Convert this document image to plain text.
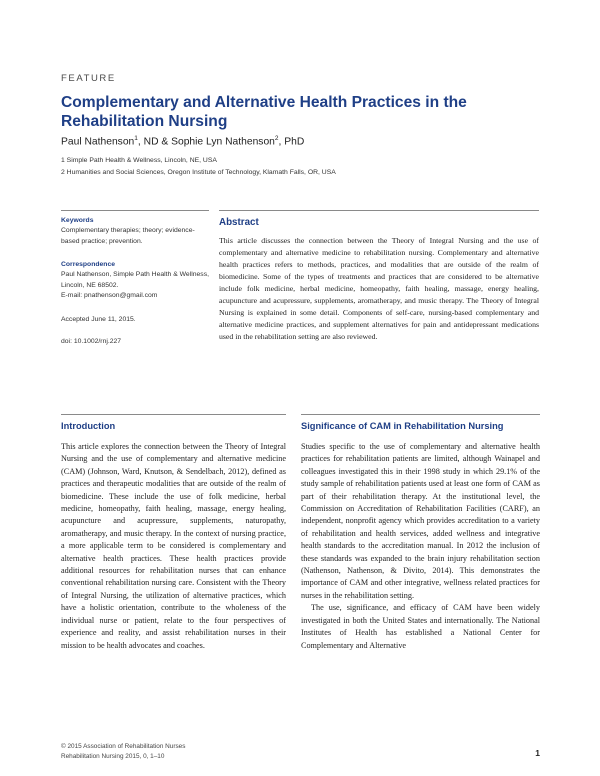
FEATURE
Complementary and Alternative Health Practices in the Rehabilitation Nursing
Paul Nathenson$^1$, ND & Sophie Lyn Nathenson$^2$, PhD
1 Simple Path Health & Wellness, Lincoln, NE, USA
2 Humanities and Social Sciences, Oregon Institute of Technology, Klamath Falls, OR, USA
Keywords
Complementary therapies; theory; evidence-based practice; prevention.
Correspondence
Paul Nathenson, Simple Path Health & Wellness, Lincoln, NE 68502.
E-mail: pnathenson@gmail.com
Accepted June 11, 2015.
doi: 10.1002/rnj.227
Abstract
This article discusses the connection between the Theory of Integral Nursing and the use of complementary and alternative medicine to rehabilitation nursing. Complementary and alternative health practices refers to methods, practices, and modalities that are outside of the realm of biomedicine. Some of the types of treatments and practices that are considered to be alternative include folk medicine, herbal medicine, homeopathy, faith healing, massage, energy healing, acupuncture and acupressure, supplements, aromatherapy, and music therapy. The Theory of Integral Nursing is explained in some detail. Components of self-care, nursing-based complementary and alternative medicine practices, and supplement alternatives for pain and antidepressant medications used in the rehabilitation setting are also reviewed.
Introduction

This article explores the connection between the Theory of Integral Nursing and the use of complementary and alternative medicine (CAM) (Johnson, Ward, Knutson, & Sendelbach, 2012), defined as practices and therapeutic modalities that are outside of the realm of biomedicine. These include the use of folk medicine, herbal medicine, homeopathy, faith healing, massage, energy healing, acupuncture and acupressure, supplements, naturopathy, aromatherapy, and music therapy. In the context of nursing practice, a more applicable term to be considered is complementary and alternative health practices. These health practices provide additional resources for rehabilitation nurses that can enhance conventional rehabilitation nursing care. Consistent with the Theory of Integral Nursing, the utilization of alternative practices, which have a holistic orientation, contribute to the wholeness of the individual nurse or patient, relate to the four perspectives of experience and reality, and assist rehabilitation nurses in their mission to be health advocates and coaches.

Significance of CAM in Rehabilitation Nursing

Studies specific to the use of complementary and alternative health practices for rehabilitation patients are limited, although Wainapel and colleagues investigated this in their 1998 study in which 29.1% of the study sample of rehabilitation patients used at least one form of CAM as part of their rehabilitation therapy. At the institutional level, the Commission on Accreditation of Rehabilitation Facilities (CARF), an independent, nonprofit agency which provides accreditation to a variety of rehabilitation and health services, added wellness and integrative health standards to the accreditation manual. In 2012 the inclusion of these standards was expanded to the brain injury rehabilitation section (Nathenson, Nathenson, & Divito, 2014). This demonstrates the importance of CAM and other integrative, wellness related practices for nurses in the rehabilitation setting.

The use, significance, and efficacy of CAM have been widely investigated in both the United States and internationally. The National Institutes of Health has established a National Center for Complementary and Alternative

© 2015 Association of Rehabilitation Nurses
Rehabilitation Nursing 2015, 0, 1–10	1
